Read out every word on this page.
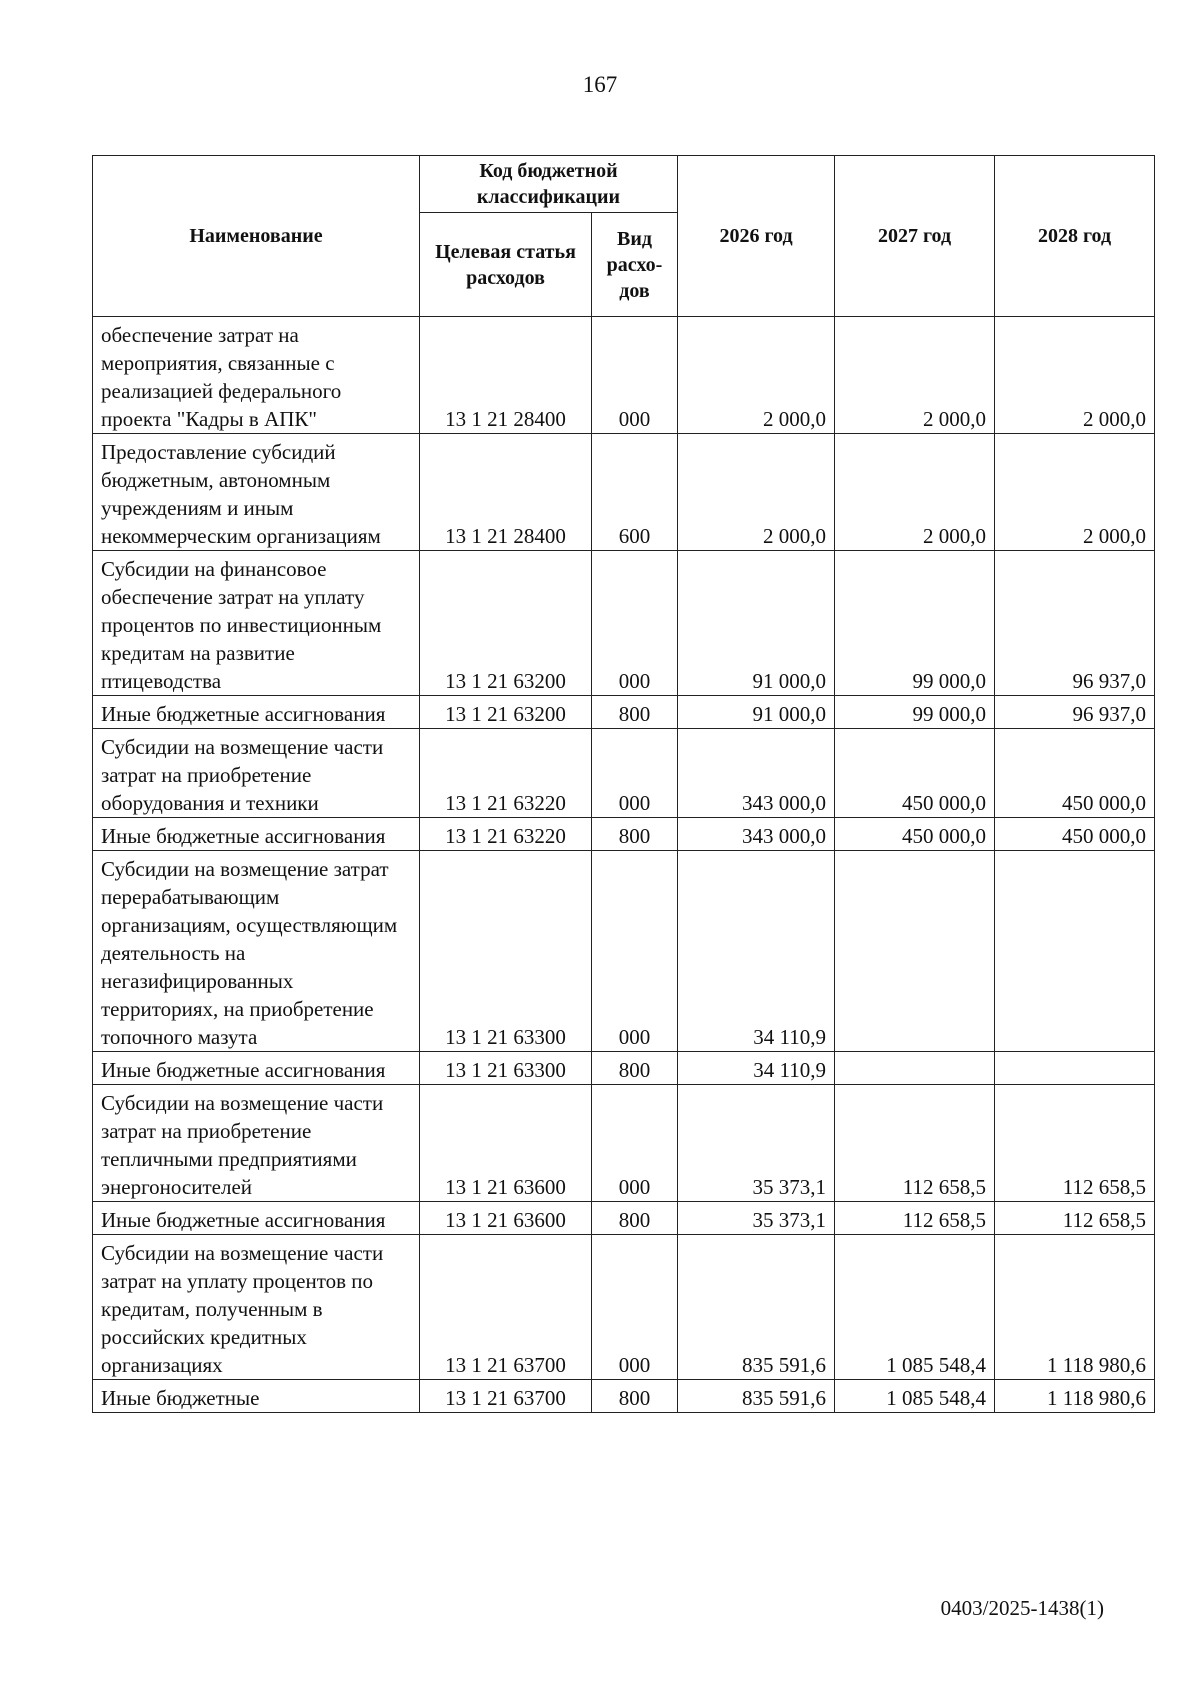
167
Наименование	Код бюджетной классификации		2026 год	2027 год	2028 год
	Целевая статья расходов	Вид расхо-дов			
обеспечение затрат на мероприятия, связанные с реализацией федерального проекта "Кадры в АПК"	13 1 21 28400	000	2 000,0	2 000,0	2 000,0
Предоставление субсидий бюджетным, автономным учреждениям и иным некоммерческим организациям	13 1 21 28400	600	2 000,0	2 000,0	2 000,0
Субсидии на финансовое обеспечение затрат на уплату процентов по инвестиционным кредитам на развитие птицеводства	13 1 21 63200	000	91 000,0	99 000,0	96 937,0
Иные бюджетные ассигнования	13 1 21 63200	800	91 000,0	99 000,0	96 937,0
Субсидии на возмещение части затрат на приобретение оборудования и техники	13 1 21 63220	000	343 000,0	450 000,0	450 000,0
Иные бюджетные ассигнования	13 1 21 63220	800	343 000,0	450 000,0	450 000,0
Субсидии на возмещение затрат перерабатывающим организациям, осуществляющим деятельность на негазифицированных территориях, на приобретение топочного мазута	13 1 21 63300	000	34 110,9		
Иные бюджетные ассигнования	13 1 21 63300	800	34 110,9		
Субсидии на возмещение части затрат на приобретение тепличными предприятиями энергоносителей	13 1 21 63600	000	35 373,1	112 658,5	112 658,5
Иные бюджетные ассигнования	13 1 21 63600	800	35 373,1	112 658,5	112 658,5
Субсидии на возмещение части затрат на уплату процентов по кредитам, полученным в российских кредитных организациях	13 1 21 63700	000	835 591,6	1 085 548,4	1 118 980,6
Иные бюджетные	13 1 21 63700	800	835 591,6	1 085 548,4	1 118 980,6
0403/2025-1438(1)
